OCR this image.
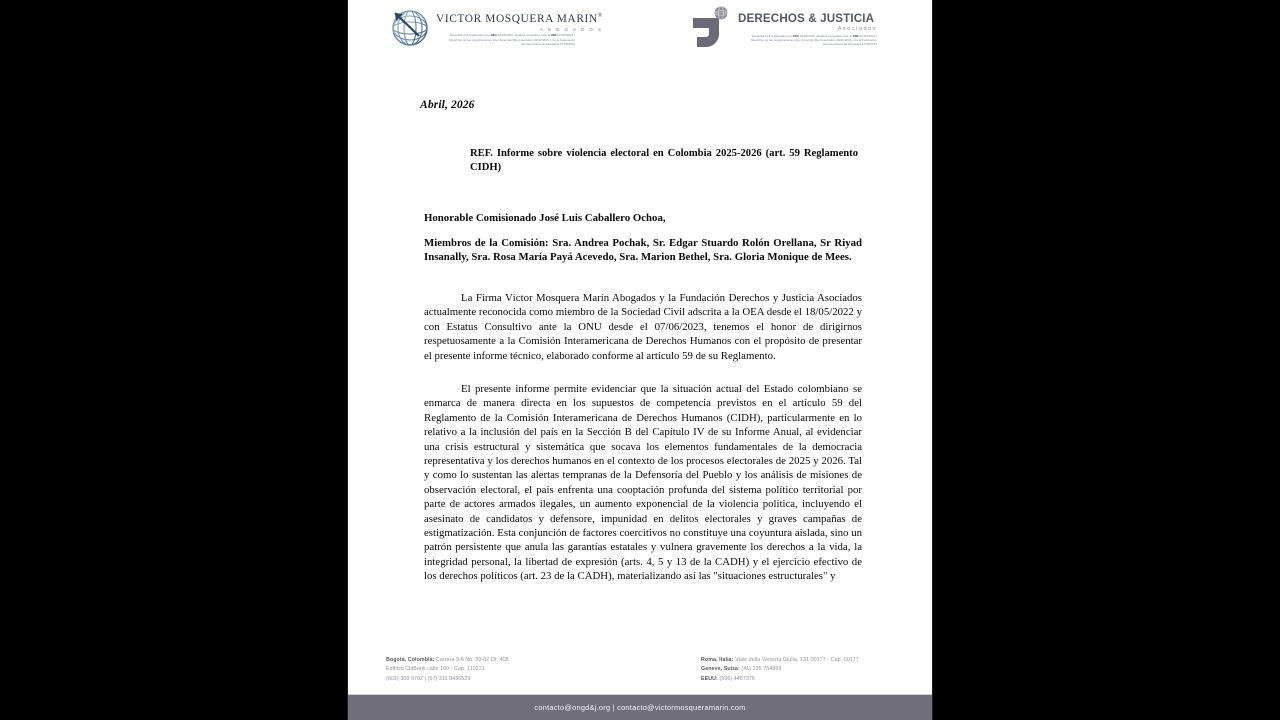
VICTOR MOSQUERA MARIN®
A B O G A D O S
Sociedad civil registrada en la OEA 18/05/2022 | Estatus Consultivo ante la ONU 07/06/2023 | Miembros de las organizaciones Inter American Bar Association 29/10/2023 y de la Federación Interamericana de Abogados 17/08/2021
DERECHOS & JUSTICIA
Asociados
Sociedad civil registrada en la OEA 18/05/2022 | Estatus Consultivo ante la ONU 07/06/2022 | Miembros de las organizaciones Inter American Bar Association 29/10/2023 y de la Federación Interamericana de Abogados 17/08/2021
Abril, 2026
REF. Informe sobre violencia electoral en Colombia 2025-2026 (art. 59 Reglamento CIDH)
Honorable Comisionado José Luis Caballero Ochoa,
Miembros de la Comisión: Sra. Andrea Pochak, Sr. Edgar Stuardo Rolón Orellana, Sr Riyad Insanally, Sra. Rosa María Payá Acevedo, Sra. Marion Bethel, Sra. Gloria Monique de Mees.
La Firma Víctor Mosquera Marín Abogados y la Fundación Derechos y Justicia Asociados actualmente reconocida como miembro de la Sociedad Civil adscrita a la OEA desde el 18/05/2022 y con Estatus Consultivo ante la ONU desde el 07/06/2023, tenemos el honor de dirigirnos respetuosamente a la Comisión Interamericana de Derechos Humanos con el propósito de presentar el presente informe técnico, elaborado conforme al artículo 59 de su Reglamento.
El presente informe permite evidenciar que la situación actual del Estado colombiano se enmarca de manera directa en los supuestos de competencia previstos en el artículo 59 del Reglamento de la Comisión Interamericana de Derechos Humanos (CIDH), particularmente en lo relativo a la inclusión del país en la Sección B del Capítulo IV de su Informe Anual, al evidenciar una crisis estructural y sistemática que socava los elementos fundamentales de la democracia representativa y los derechos humanos en el contexto de los procesos electorales de 2025 y 2026. Tal y como lo sustentan las alertas tempranas de la Defensoría del Pueblo y los análisis de misiones de observación electoral, el país enfrenta una cooptación profunda del sistema político territorial por parte de actores armados ilegales, un aumento exponencial de la violencia política, incluyendo el asesinato de candidatos y defensore, impunidad en delitos electorales y graves campañas de estigmatización. Esta conjunción de factores coercitivos no constituye una coyuntura aislada, sino un patrón persistente que anula las garantías estatales y vulnera gravemente los derechos a la vida, la integridad personal, la libertad de expresión (arts. 4, 5 y 13 de la CADH) y el ejercicio efectivo de los derechos políticos (art. 23 de la CADH), materializando así las "situaciones estructurales" y
Bogotá, Colombia: Carrera 9 A No. 99-02 Of. 408.
Edificio CitiBank calle 100 - Cap. 110221
(601) 309 9702 | (57) 311 8436529
Roma, Italia: Viale della Venezia Giulia, 131 00177 - Cap. 00177
Geneve, Suiza: (41) 225 754869
EEUU: (936) 4457376
contacto@ongd&j.org | contacto@victormosqueramarin.com
